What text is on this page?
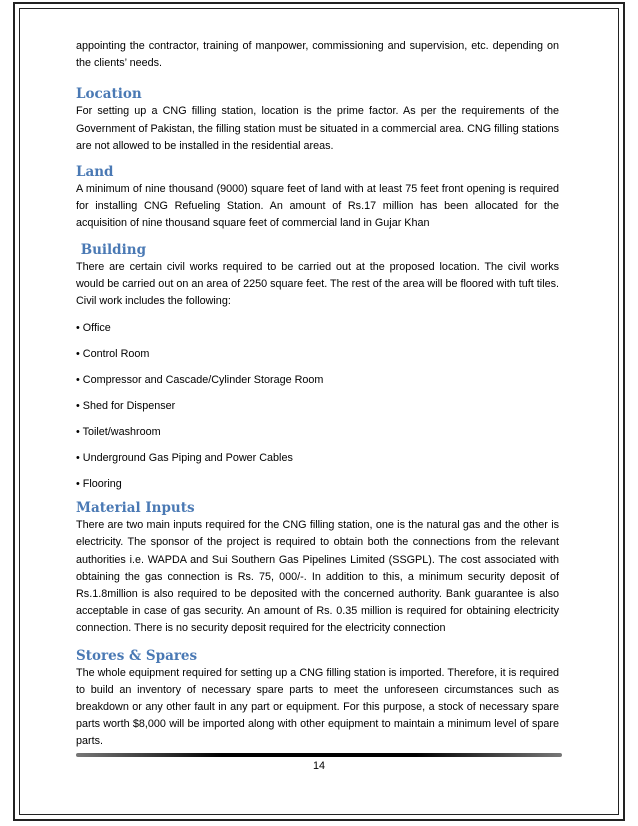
appointing the contractor, training of manpower, commissioning and supervision, etc. depending on the clients’ needs.

Location

For setting up a CNG filling station, location is the prime factor. As per the requirements of the Government of Pakistan, the filling station must be situated in a commercial area. CNG filling stations are not allowed to be installed in the residential areas.

Land

A minimum of nine thousand (9000) square feet of land with at least 75 feet front opening is required for installing CNG Refueling Station. An amount of Rs.17 million has been allocated for the acquisition of nine thousand square feet of commercial land in Gujar Khan

Building

There are certain civil works required to be carried out at the proposed location. The civil works would be carried out on an area of 2250 square feet. The rest of the area will be floored with tuft tiles. Civil work includes the following:

• Office

• Control Room

• Compressor and Cascade/Cylinder Storage Room

• Shed for Dispenser

• Toilet/washroom

• Underground Gas Piping and Power Cables

• Flooring

Material Inputs

There are two main inputs required for the CNG filling station, one is the natural gas and the other is electricity. The sponsor of the project is required to obtain both the connections from the relevant authorities i.e. WAPDA and Sui Southern Gas Pipelines Limited (SSGPL). The cost associated with obtaining the gas connection is Rs. 75, 000/-. In addition to this, a minimum security deposit of Rs.1.8million is also required to be deposited with the concerned authority. Bank guarantee is also acceptable in case of gas security. An amount of Rs. 0.35 million is required for obtaining electricity connection. There is no security deposit required for the electricity connection

Stores & Spares

The whole equipment required for setting up a CNG filling station is imported. Therefore, it is required to build an inventory of necessary spare parts to meet the unforeseen circumstances such as breakdown or any other fault in any part or equipment. For this purpose, a stock of necessary spare parts worth $8,000 will be imported along with other equipment to maintain a minimum level of spare parts.

14
